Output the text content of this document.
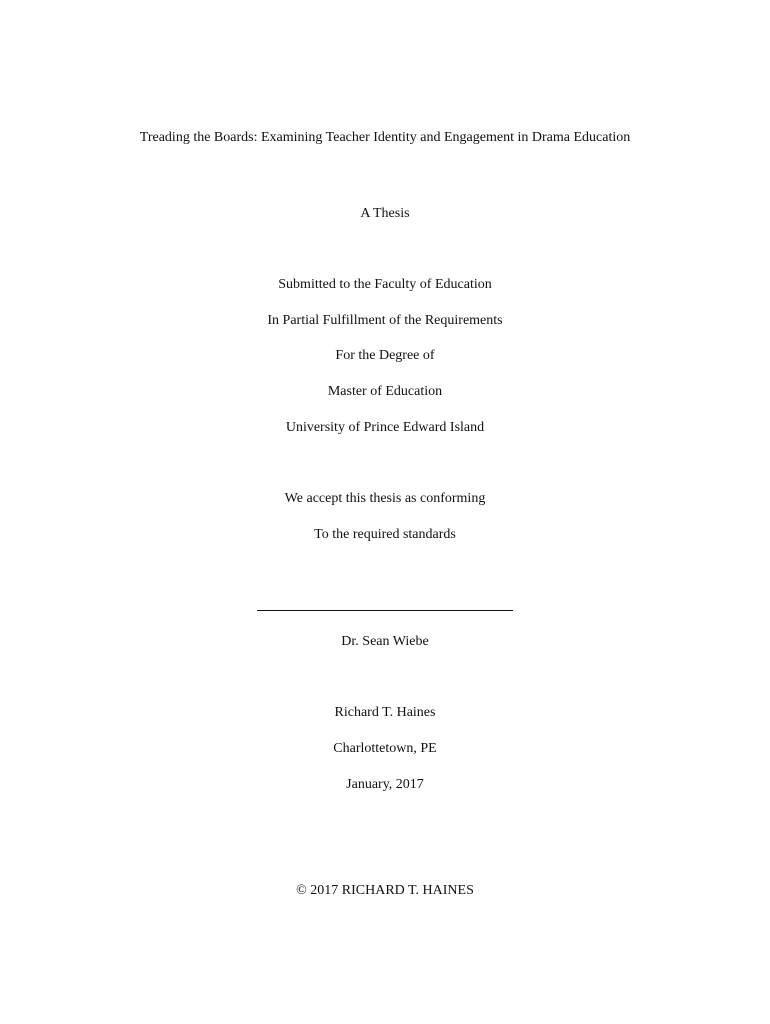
Treading the Boards: Examining Teacher Identity and Engagement in Drama Education
A Thesis
Submitted to the Faculty of Education
In Partial Fulfillment of the Requirements
For the Degree of
Master of Education
University of Prince Edward Island
We accept this thesis as conforming
To the required standards
Dr. Sean Wiebe
Richard T. Haines
Charlottetown, PE
January, 2017
© 2017 RICHARD T. HAINES
